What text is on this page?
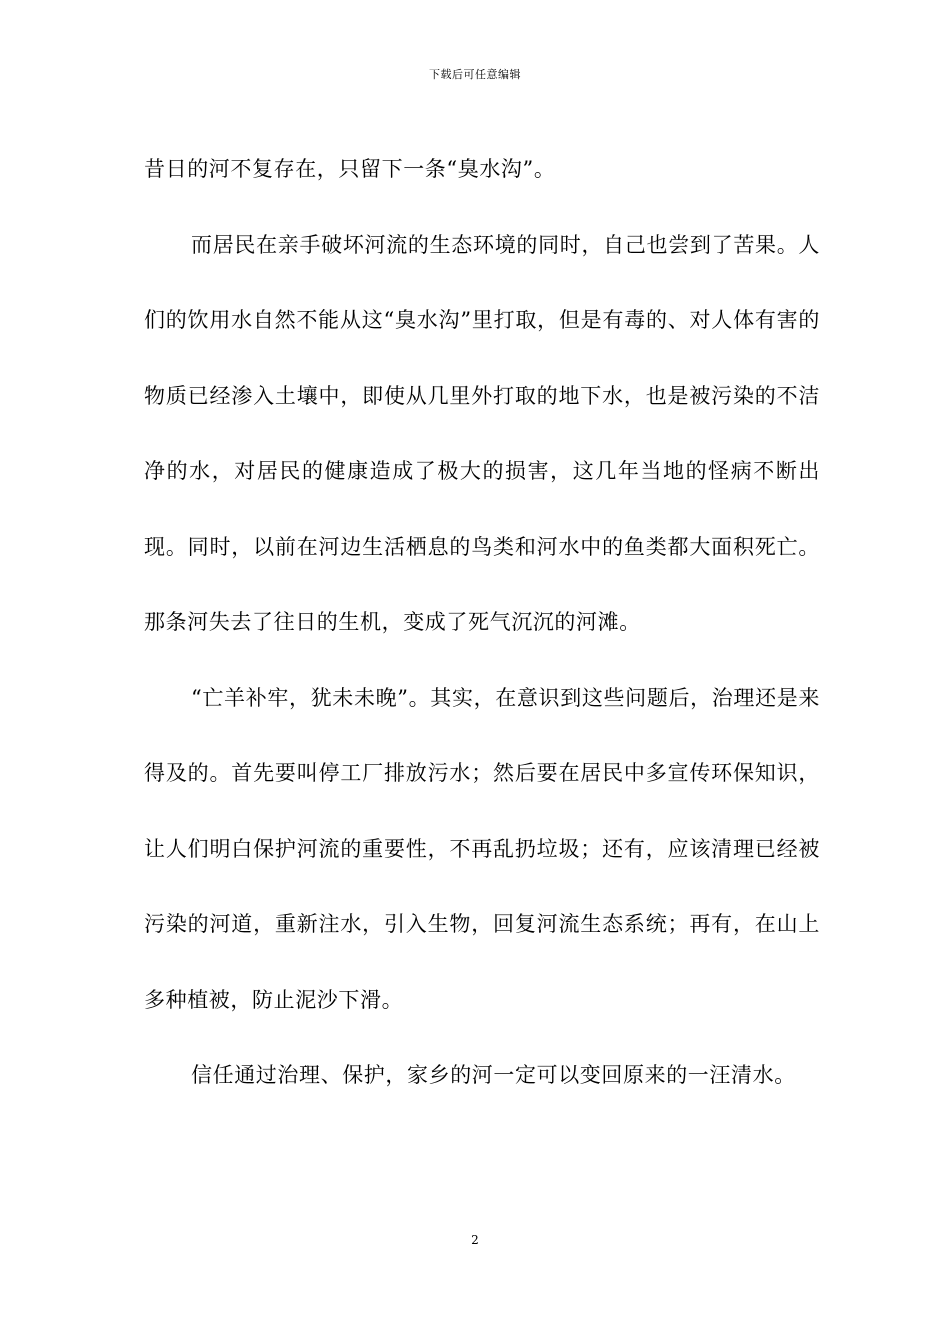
下载后可任意编辑

昔日的河不复存在，只留下一条“臭水沟”。

而居民在亲手破坏河流的生态环境的同时，自己也尝到了苦果。人们的饮用水自然不能从这“臭水沟”里打取，但是有毒的、对人体有害的物质已经渗入土壤中，即使从几里外打取的地下水，也是被污染的不洁净的水，对居民的健康造成了极大的损害，这几年当地的怪病不断出现。同时，以前在河边生活栖息的鸟类和河水中的鱼类都大面积死亡。那条河失去了往日的生机，变成了死气沉沉的河滩。

“亡羊补牢，犹未未晚”。其实，在意识到这些问题后，治理还是来得及的。首先要叫停工厂排放污水；然后要在居民中多宣传环保知识，让人们明白保护河流的重要性，不再乱扔垃圾；还有，应该清理已经被污染的河道，重新注水，引入生物，回复河流生态系统；再有，在山上多种植被，防止泥沙下滑。

信任通过治理、保护，家乡的河一定可以变回原来的一汪清水。

2
